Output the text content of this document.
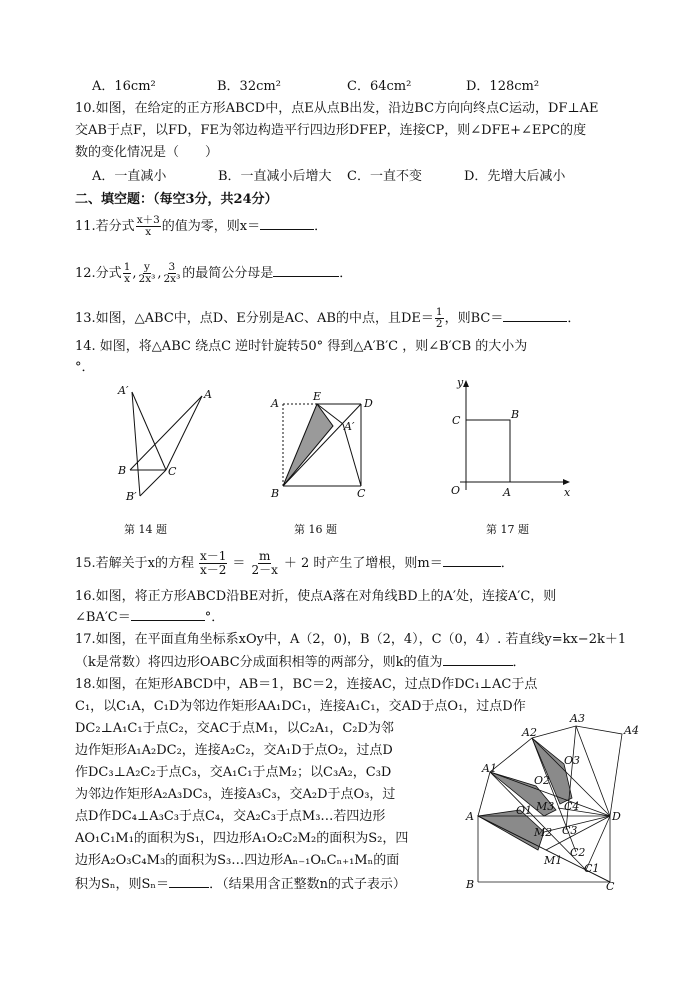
A．16cm²	B．32cm²	C．64cm²	D．128cm²
10.如图，在给定的正方形ABCD中，点E从点B出发，沿边BC方向向终点C运动，DF⊥AE
交AB于点F，以FD，FE为邻边构造平行四边形DFEP，连接CP，则∠DFE+∠EPC的度
数的变化情况是（　　）
A．一直减小	B．一直减小后增大 C．一直不变	D．先增大后减小
二、填空题：（每空3分，共24分）
11.若分式 $\frac{x+3}{x}$ 的值为零，则x＝	．
12.分式 $\frac{1}{x}$ , $\frac{y}{\text{2x³}}$ , $\frac{3}{\text{2x³}}$ 的最简公分母是	．
13.如图，△ABC中，点D、E分别是AC、AB的中点，且$DE= \frac{1}{2}$ ，则BC＝	．
14. 如图，将△ABC 绕点C 逆时针旋转50° 得到△A′B′C ，则∠B′CB 的大小为
°．
A′	A
B	C
B′
第 14 题
A
E
D
A′
B	C
第 16 题
y
C	B
O	A	x
第 17 题
15.若解关于x的方程 $\frac{x-1}{x-2} = \frac{m}{2-x} + 2$ 时产生了增根，则m＝	．
16.如图，将正方形ABCD沿BE对折，使点A落在对角线BD上的A′处，连接A′C，则
∠BA′C＝	°．
17.如图，在平面直角坐标系xOy中，A（2，0)，B（2，4），C（0，4）. 若直线y=kx−2k＋1
（k是常数）将四边形OABC分成面积相等的两部分，则k的值为	．
18.如图，在矩形ABCD中，AB＝1，BC＝2，连接AC，过点D作DC₁⊥AC于点
C₁，以C₁A，C₁D为邻边作矩形AA₁DC₁，连接A₁C₁，交AD于点O₁，过点D作
DC₂⊥A₁C₁于点C₂，交AC于点M₁，以C₂A₁，C₂D为邻
边作矩形A₁A₂DC₂，连接A₂C₂，交A₁D于点O₂，过点D
作DC₃⊥A₂C₂于点C₃，交A₁C₁于点M₂；以C₃A₂，C₃D
为邻边作矩形A₂A₃DC₃，连接A₃C₃，交A₂D于点O₃，过
点D作DC₄⊥A₃C₃于点C₄，交A₂C₃于点M₃…若四边形
AO₁C₁M₁的面积为S₁，四边形A₁O₂C₂M₂的面积为S₂，四
边形A₂O₃C₄M₃的面积为S₃…四边形Aₙ₋₁OₙCₙ₊₁Mₙ的面
积为Sₙ，则Sₙ＝	．（结果用含正整数n的式子表示）
A4
A3
A2
O3
A1
O2
O1 M3 C4
A	D
M2 C3
C2
M1
C1
B	C
